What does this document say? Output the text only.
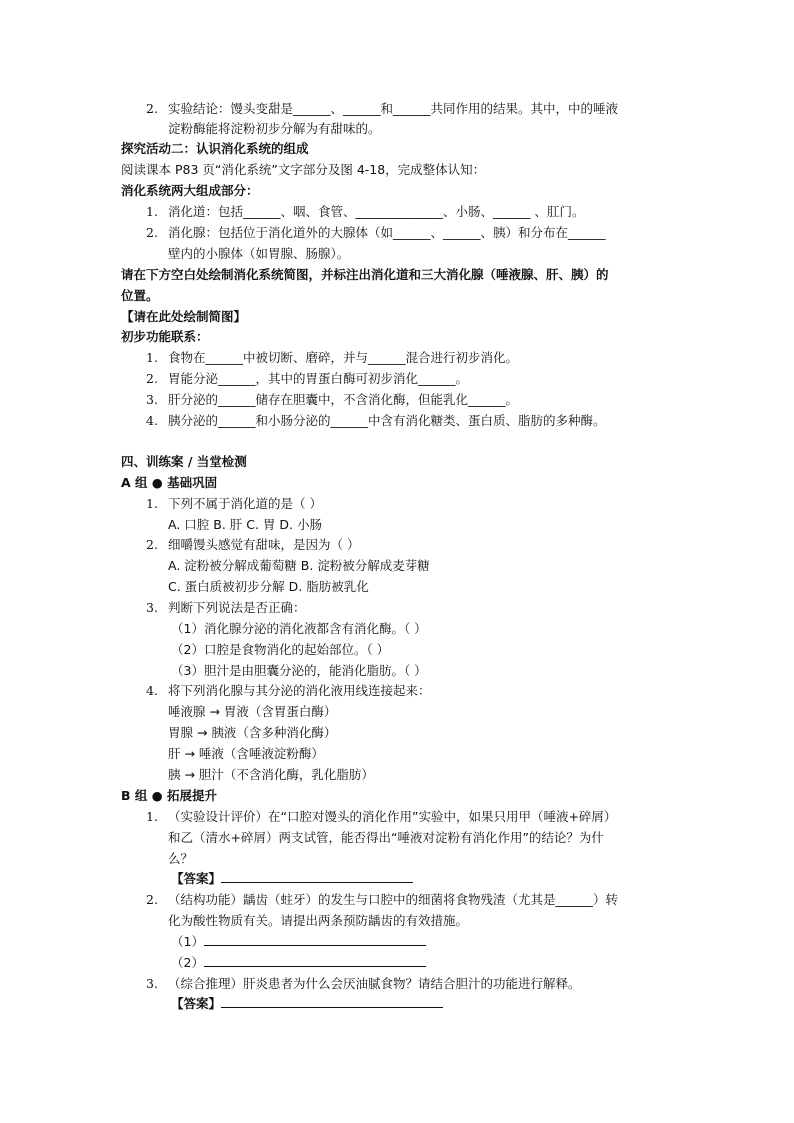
2. 实验结论：馒头变甜是______、______和______共同作用的结果。其中，中的唾液
淀粉酶能将淀粉初步分解为有甜味的。
探究活动二：认识消化系统的组成
阅读课本 P83 页“消化系统”文字部分及图 4-18，完成整体认知：
消化系统两大组成部分：
1. 消化道：包括______、咽、食管、______________、小肠、______ 、肛门。
2. 消化腺：包括位于消化道外的大腺体（如______、______、胰）和分布在______
壁内的小腺体（如胃腺、肠腺）。
请在下方空白处绘制消化系统简图，并标注出消化道和三大消化腺（唾液腺、肝、胰）的
位置。
【请在此处绘制简图】
初步功能联系：
1. 食物在______中被切断、磨碎，并与______混合进行初步消化。
2. 胃能分泌______，其中的胃蛋白酶可初步消化______。
3. 肝分泌的______储存在胆囊中，不含消化酶，但能乳化______。
4. 胰分泌的______和小肠分泌的______中含有消化糖类、蛋白质、脂肪的多种酶。
四、训练案 / 当堂检测
A 组 ● 基础巩固
1. 下列不属于消化道的是（ ）
A. 口腔 B. 肝 C. 胃 D. 小肠
2. 细嚼馒头感觉有甜味，是因为（ ）
A. 淀粉被分解成葡萄糖 B. 淀粉被分解成麦芽糖
C. 蛋白质被初步分解 D. 脂肪被乳化
3. 判断下列说法是否正确：
（1）消化腺分泌的消化液都含有消化酶。（ ）
（2）口腔是食物消化的起始部位。（ ）
（3）胆汁是由胆囊分泌的，能消化脂肪。（ ）
4. 将下列消化腺与其分泌的消化液用线连接起来：
唾液腺 → 胃液（含胃蛋白酶）
胃腺 → 胰液（含多种消化酶）
肝 → 唾液（含唾液淀粉酶）
胰 → 胆汁（不含消化酶，乳化脂肪）
B 组 ● 拓展提升
1. （实验设计评价）在“口腔对馒头的消化作用”实验中，如果只用甲（唾液+碎屑）
和乙（清水+碎屑）两支试管，能否得出“唾液对淀粉有消化作用”的结论？为什
么？
【答案】
2. （结构功能）龋齿（蛀牙）的发生与口腔中的细菌将食物残渣（尤其是______）转
化为酸性物质有关。请提出两条预防龋齿的有效措施。
（1）
（2）
3. （综合推理）肝炎患者为什么会厌油腻食物？请结合胆汁的功能进行解释。
【答案】
